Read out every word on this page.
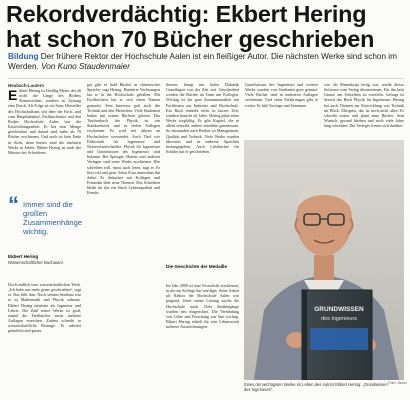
Rekordverdächtig: Ekbert Hering hat schon 70 Bücher geschrieben
Bildung Der frühere Rektor der Hochschule Aalen ist ein fleißiger Autor. Die nächsten Werke sind schon im Werden. Von Kuno Staudenmaier
Heubach-Lautern
E kbert Hering ist Dreißig Meter, der ab nicht die Länge des Bodens Kennzeichnet, sondern ist Zeitung eine Druck. Als Folge ist ein Sinn, Hersteller des Hochschulbaus seit über die Fach...und vom Hauptbahnhof, Fachbuchautor und den Boden Hochschule Aalen war die Entwicklungsarbeit. Er hat eine Menge geschrieben und darauf sind mehr als 70 Bücher erschienen. Und noch ist kein Ende in Sicht, denn bereits sind die nächsten Werke in Arbeit. Ekbert Hering ist nach der Meister des Schreibens.
“ Immer sind die großen Zusammenhänge wichtig.
Ekbert Hering
Wissenschaftlicher Buchautor
Doch endlich vom wissenschaftlichen Werk. „Ich habe nur mehr gerne geschrieben“, sagt er. Das hilft ihm. Nach seinem Studium war er in Mathematik und Physik zuhause. Ekbert Hering arbeitete als Ingenieur und Lehrer. Die Zahl seiner Werke ist groß, zumal die Fachbücher meist mehrere Auflagen erreichen. Zudem schreibt er wissenschaftliche Beiträge. Er arbeitet gründlich und genau.
gar gibt es bald Bücher in chinesischer Sprache, sagt Hering. Hunderte Vorlesungen hat er in der Hochschule gehalten. Mit Fachbüchern hat er sich einen Namen gemacht. Sein Interesse galt auch der Technik und den Menschen. Viele Studenten haben mit seinen Büchern gelernt. Das Taschenbuch der Physik ist ein Standardwerk und in vielen Auflagen erschienen. Es wird seit Jahren an Hochschulen verwendet. Auch Titel wie Elektronik für Ingenieure und Naturwissenschaftler, Physik für Ingenieure und Grundwissen des Ingenieurs sind bekannt. Bei Springer, Hanser und anderen Verlagen sind seine Werke erschienen. Wer schreiben will, muss auch lesen, sagt er. Er liest viel und gern. Seine Frau unterstützt ihn dabei. Er diskutiert mit Kollegen und Freunden über neue Themen. Das Schreiben bleibt für ihn ein Stück Lebensqualität und Freude.
theorie, bringt mit hoher Didaktik Grundlagen von der Zeit mit. Geschrieben werden die Bücher im Team mit Kollegen. Wichtig ist die gute Zusammenarbeit mit Fachleuten aus Industrie und Hochschule. Ein Buch entsteht nicht in kurzer Zeit, sondern braucht oft Jahre. Hering plant seine Werke sorgfältig. Es gibt Kapitel, die er allein schreibt, andere entstehen gemeinsam. So entstanden auch Bücher zu Management, Qualität und Technik. Viele Werke wurden übersetzt und in mehrere Sprachen herausgegeben. Auch Lehrbücher für Schüler hat er geschrieben.
Die Geschichte der Medaille
Im Jahr 2000 ist eine Festschrift erschienen, in der ein Kollege ihn würdigte. Seine Arbeit als Rektor der Hochschule Aalen war prägend. Unter seiner Leitung wuchs die Hochschule stark. Viele Studiengänge wurden neu eingerichtet. Die Verbindung von Lehre und Forschung war ihm wichtig. Ekbert Hering erhielt für sein Lebenswerk mehrere Auszeichnungen.
Grundwissen des Ingenieurs und weitere Werke wurden von Studenten gern genutzt. Viele Bücher sind in mehreren Auflagen erschienen. Und seine Erfahrungen gibt er weiter. Er hält Vorträge und Seminare.
wie, als Manuskript fertig war, wurde dieses Software vom Verlag übernommen. Für ihn kein Grund, am Schreiben zu zweifeln. Gefragt ist derzeit das Buch Physik für Ingenieure. Hering hat auch Themen zur Entwicklung von Technik im Blick. Übrigens, das ist noch nicht alles: Er schreibt weiter und plant neue Bücher. Sein Wunsch: gesund bleiben und noch viele Jahre lang schreiben. Die Verleger freuen sich darüber.
GRUNDWISSEN
des Ingenieurs
Foto: Kuno
Eines der wichtigsten Werke im Leben des Autors Ekbert Hering: „Grundwissen des Ingenieurs“.
